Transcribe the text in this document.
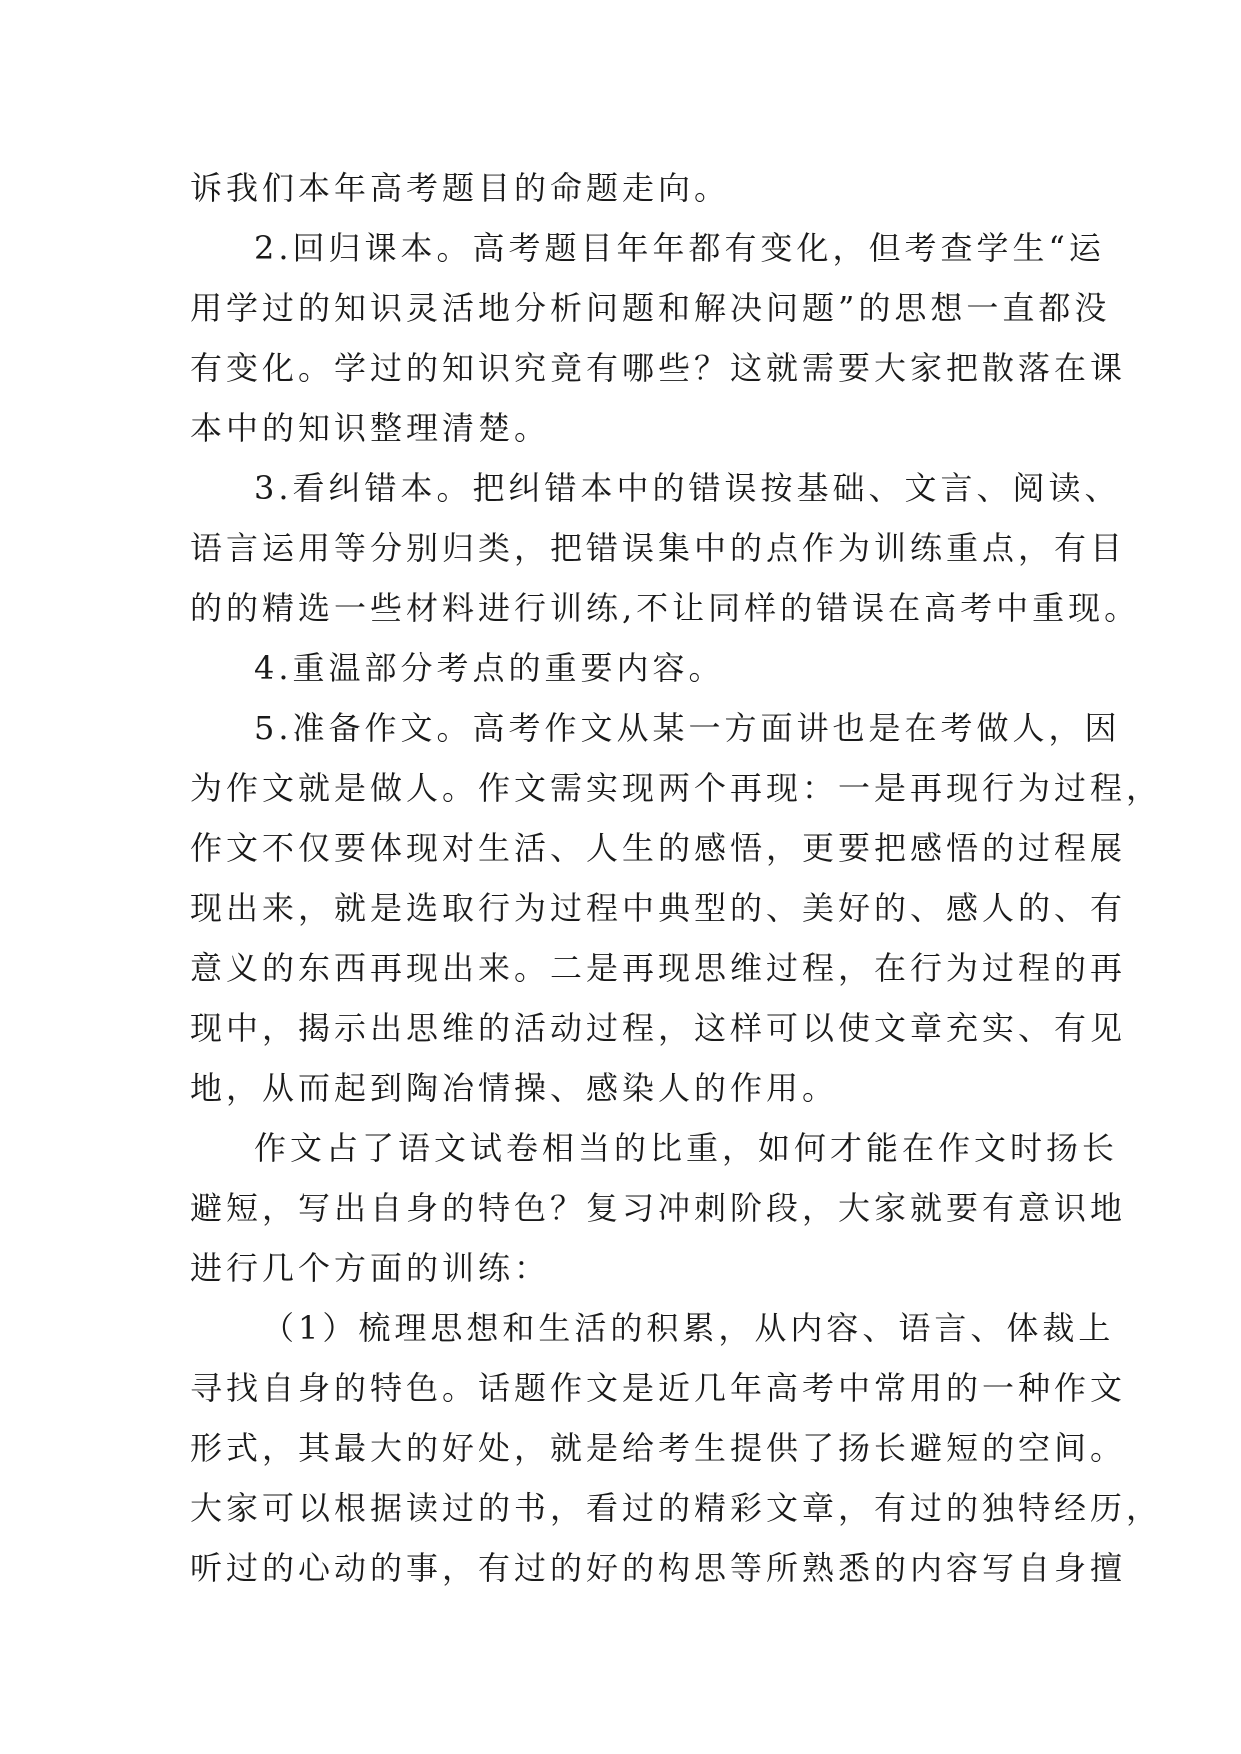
诉我们本年高考题目的命题走向。
2.回归课本。高考题目年年都有变化，但考查学生“运
用学过的知识灵活地分析问题和解决问题”的思想一直都没
有变化。学过的知识究竟有哪些？这就需要大家把散落在课
本中的知识整理清楚。
3.看纠错本。把纠错本中的错误按基础、文言、阅读、
语言运用等分别归类，把错误集中的点作为训练重点，有目
的的精选一些材料进行训练,不让同样的错误在高考中重现。
4.重温部分考点的重要内容。
5.准备作文。高考作文从某一方面讲也是在考做人，因
为作文就是做人。作文需实现两个再现：一是再现行为过程，
作文不仅要体现对生活、人生的感悟，更要把感悟的过程展
现出来，就是选取行为过程中典型的、美好的、感人的、有
意义的东西再现出来。二是再现思维过程，在行为过程的再
现中，揭示出思维的活动过程，这样可以使文章充实、有见
地，从而起到陶冶情操、感染人的作用。
作文占了语文试卷相当的比重，如何才能在作文时扬长
避短，写出自身的特色？复习冲刺阶段，大家就要有意识地
进行几个方面的训练：
（1）梳理思想和生活的积累，从内容、语言、体裁上
寻找自身的特色。话题作文是近几年高考中常用的一种作文
形式，其最大的好处，就是给考生提供了扬长避短的空间。
大家可以根据读过的书，看过的精彩文章，有过的独特经历，
听过的心动的事，有过的好的构思等所熟悉的内容写自身擅
